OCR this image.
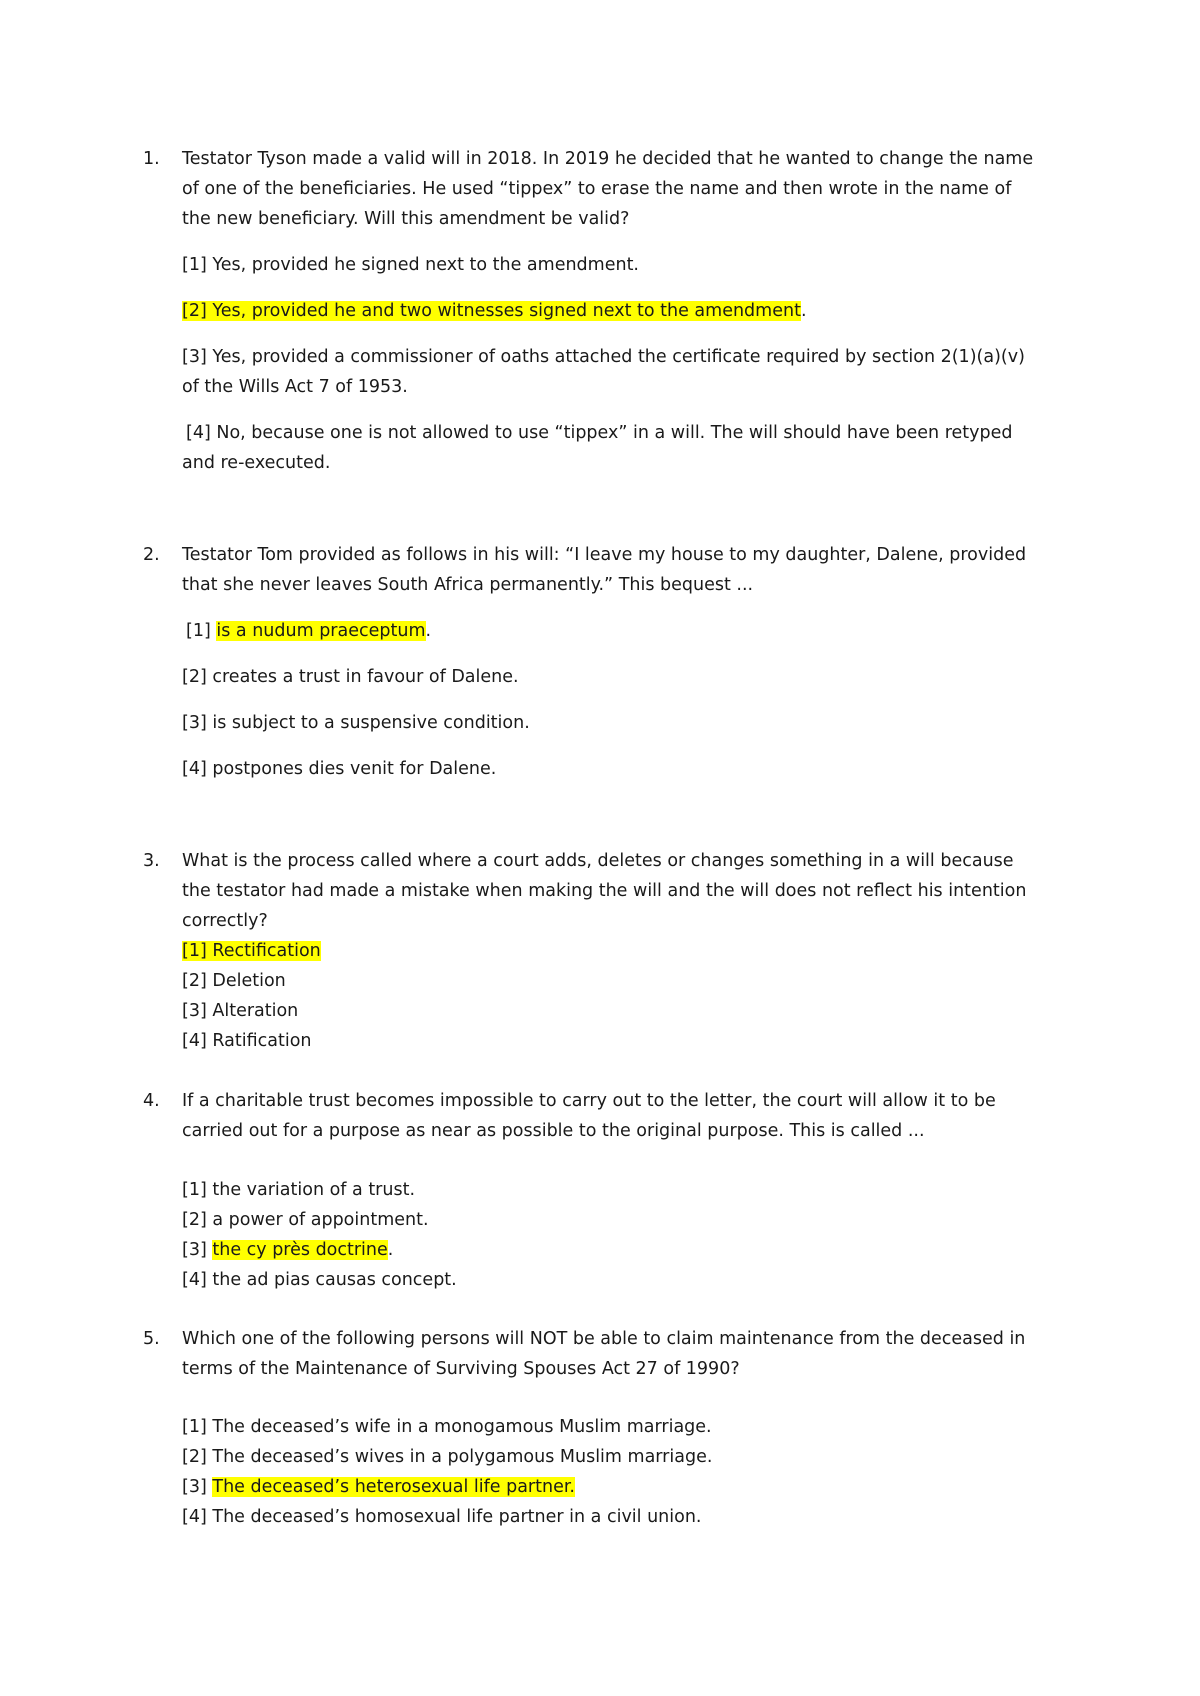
1. Testator Tyson made a valid will in 2018. In 2019 he decided that he wanted to change the name
of one of the beneficiaries. He used “tippex” to erase the name and then wrote in the name of
the new beneficiary. Will this amendment be valid?
[1] Yes, provided he signed next to the amendment.
[2] Yes, provided he and two witnesses signed next to the amendment.
[3] Yes, provided a commissioner of oaths attached the certificate required by section 2(1)(a)(v)
of the Wills Act 7 of 1953.
[4] No, because one is not allowed to use “tippex” in a will. The will should have been retyped
and re-executed.
2. Testator Tom provided as follows in his will: “I leave my house to my daughter, Dalene, provided
that she never leaves South Africa permanently.” This bequest ...
[1] is a nudum praeceptum.
[2] creates a trust in favour of Dalene.
[3] is subject to a suspensive condition.
[4] postpones dies venit for Dalene.
3. What is the process called where a court adds, deletes or changes something in a will because
the testator had made a mistake when making the will and the will does not reflect his intention
correctly?
[1] Rectification
[2] Deletion
[3] Alteration
[4] Ratification
4. If a charitable trust becomes impossible to carry out to the letter, the court will allow it to be
carried out for a purpose as near as possible to the original purpose. This is called ...
[1] the variation of a trust.
[2] a power of appointment.
[3] the cy près doctrine.
[4] the ad pias causas concept.
5. Which one of the following persons will NOT be able to claim maintenance from the deceased in
terms of the Maintenance of Surviving Spouses Act 27 of 1990?
[1] The deceased’s wife in a monogamous Muslim marriage.
[2] The deceased’s wives in a polygamous Muslim marriage.
[3] The deceased’s heterosexual life partner.
[4] The deceased’s homosexual life partner in a civil union.
